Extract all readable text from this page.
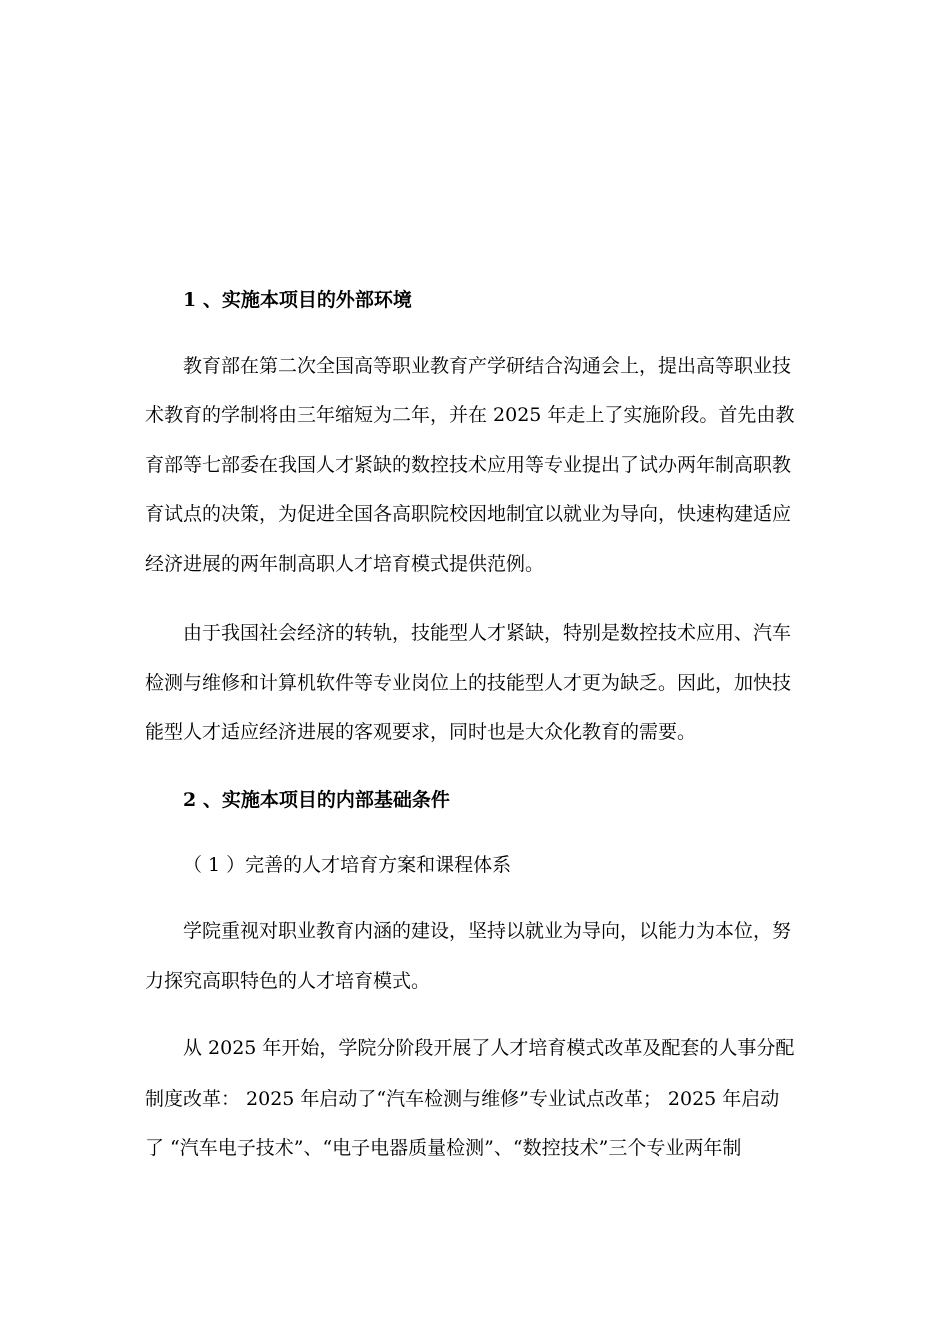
1 、实施本项目的外部环境
教育部在第二次全国高等职业教育产学研结合沟通会上，提出高等职业技
术教育的学制将由三年缩短为二年，并在 2025 年走上了实施阶段。首先由教
育部等七部委在我国人才紧缺的数控技术应用等专业提出了试办两年制高职教
育试点的决策，为促进全国各高职院校因地制宜以就业为导向，快速构建适应
经济进展的两年制高职人才培育模式提供范例。
由于我国社会经济的转轨，技能型人才紧缺，特别是数控技术应用、汽车
检测与维修和计算机软件等专业岗位上的技能型人才更为缺乏。因此，加快技
能型人才适应经济进展的客观要求，同时也是大众化教育的需要。
2 、实施本项目的内部基础条件
（ 1 ）完善的人才培育方案和课程体系
学院重视对职业教育内涵的建设，坚持以就业为导向，以能力为本位，努
力探究高职特色的人才培育模式。
从 2025 年开始，学院分阶段开展了人才培育模式改革及配套的人事分配
制度改革： 2025 年启动了“汽车检测与维修”专业试点改革； 2025 年启动
了 “汽车电子技术”、“电子电器质量检测”、“数控技术”三个专业两年制
